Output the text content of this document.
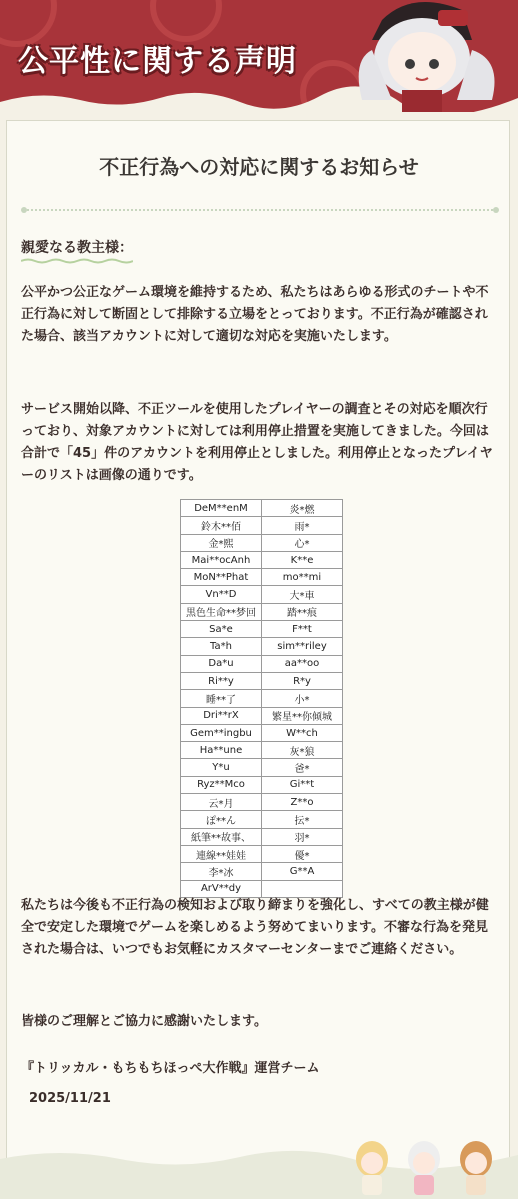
公平性に関する声明
不正行為への対応に関するお知らせ
親愛なる教主様：
公平かつ公正なゲーム環境を維持するため、私たちはあらゆる形式のチートや不正行為に対して断固として排除する立場をとっております。不正行為が確認された場合、該当アカウントに対して適切な対応を実施いたします。
サービス開始以降、不正ツールを使用したプレイヤーの調査とその対応を順次行っており、対象アカウントに対しては利用停止措置を実施してきました。今回は合計で「45」件のアカウントを利用停止としました。利用停止となったプレイヤーのリストは画像の通りです。
DeM**enM	炎*燃
鈴木**佰	雨*
金*熙	心*
Mai**ocAnh	K**e
MoN**Phat	mo**mi
Vn**D	大*車
黒色生命**梦回	踏**痕
Sa*e	F**t
Ta*h	sim**riley
Da*u	aa**oo
Ri**y	R*y
睡**了	小*
Dri**rX	繁星**你倾城
Gem**ingbu	W**ch
Ha**une	灰*狼
Y*u	爸*
Ryz**Mco	Gi**t
云*月	Z**o
ぽ**ん	抎*
紙筆**故事、	羽*
連線**娃娃	優*
李*冰	G**A
ArV**dy	
私たちは今後も不正行為の検知および取り締まりを強化し、すべての教主様が健全で安定した環境でゲームを楽しめるよう努めてまいります。不審な行為を発見された場合は、いつでもお気軽にカスタマーセンターまでご連絡ください。
皆様のご理解とご協力に感謝いたします。
『トリッカル・もちもちほっぺ大作戦』運営チーム
2025/11/21
